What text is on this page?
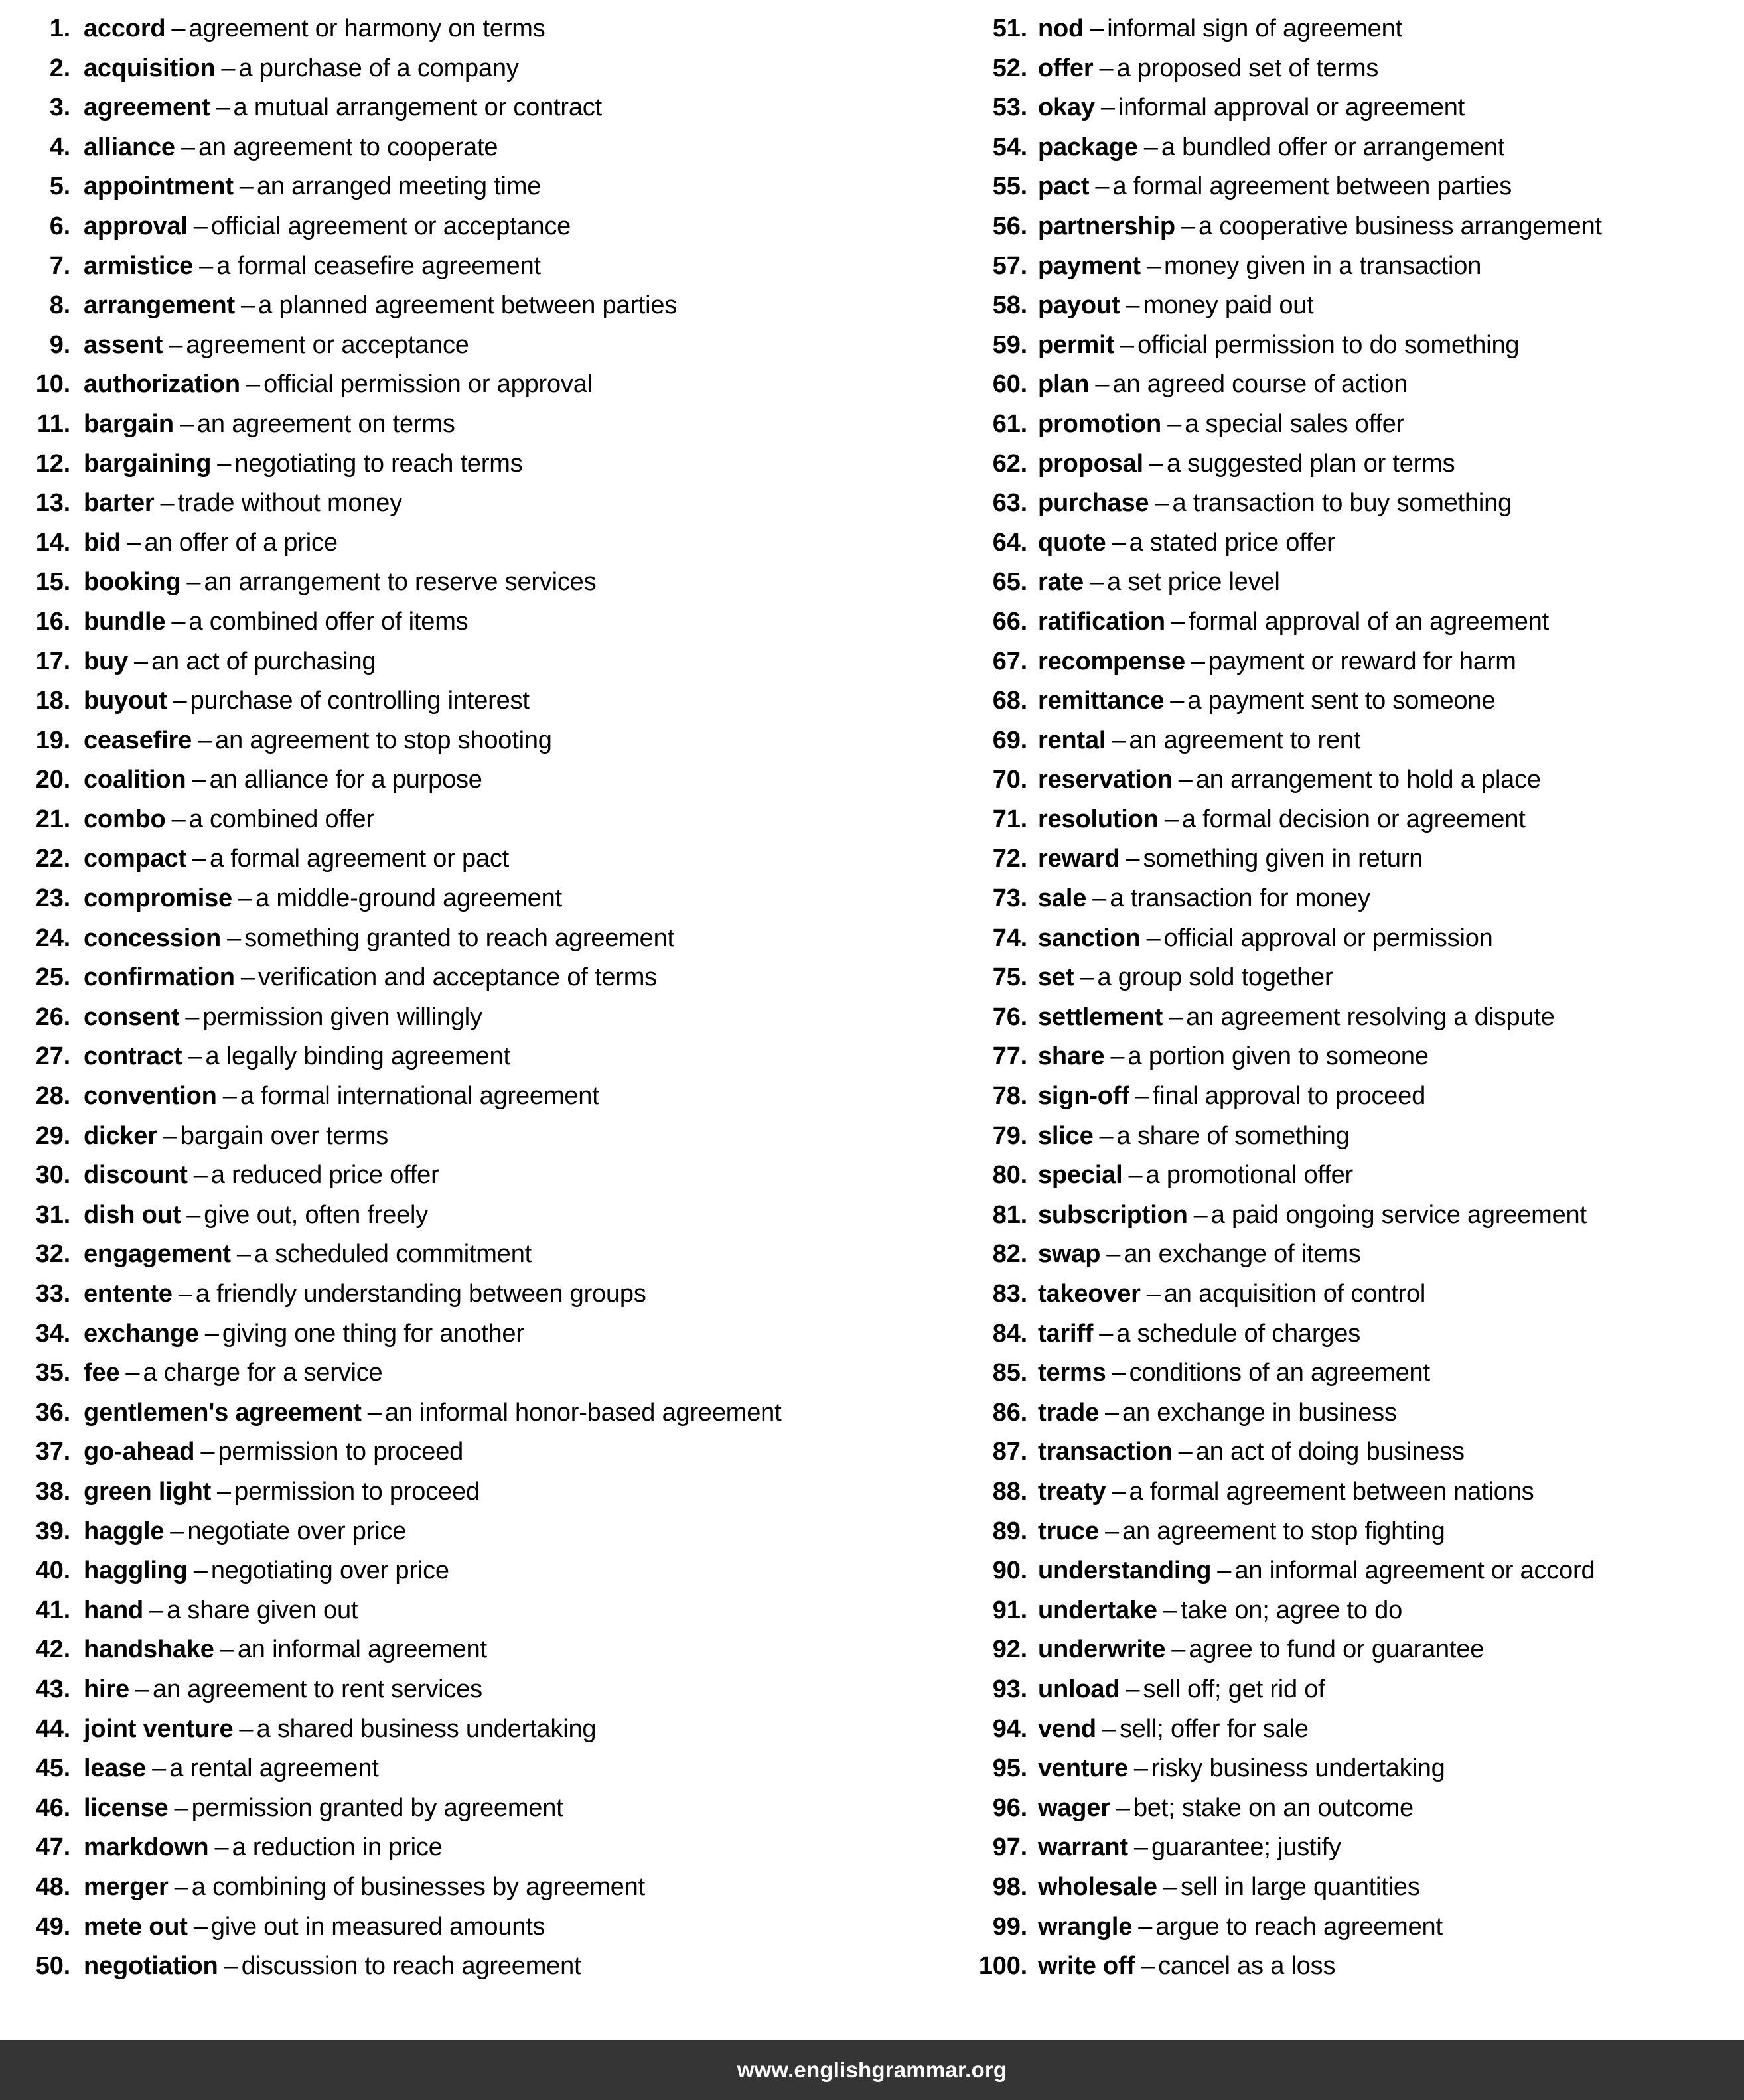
1. accord – agreement or harmony on terms
2. acquisition – a purchase of a company
3. agreement – a mutual arrangement or contract
4. alliance – an agreement to cooperate
5. appointment – an arranged meeting time
6. approval – official agreement or acceptance
7. armistice – a formal ceasefire agreement
8. arrangement – a planned agreement between parties
9. assent – agreement or acceptance
10. authorization – official permission or approval
11. bargain – an agreement on terms
12. bargaining – negotiating to reach terms
13. barter – trade without money
14. bid – an offer of a price
15. booking – an arrangement to reserve services
16. bundle – a combined offer of items
17. buy – an act of purchasing
18. buyout – purchase of controlling interest
19. ceasefire – an agreement to stop shooting
20. coalition – an alliance for a purpose
21. combo – a combined offer
22. compact – a formal agreement or pact
23. compromise – a middle-ground agreement
24. concession – something granted to reach agreement
25. confirmation – verification and acceptance of terms
26. consent – permission given willingly
27. contract – a legally binding agreement
28. convention – a formal international agreement
29. dicker – bargain over terms
30. discount – a reduced price offer
31. dish out – give out, often freely
32. engagement – a scheduled commitment
33. entente – a friendly understanding between groups
34. exchange – giving one thing for another
35. fee – a charge for a service
36. gentlemen's agreement – an informal honor-based agreement
37. go-ahead – permission to proceed
38. green light – permission to proceed
39. haggle – negotiate over price
40. haggling – negotiating over price
41. hand – a share given out
42. handshake – an informal agreement
43. hire – an agreement to rent services
44. joint venture – a shared business undertaking
45. lease – a rental agreement
46. license – permission granted by agreement
47. markdown – a reduction in price
48. merger – a combining of businesses by agreement
49. mete out – give out in measured amounts
50. negotiation – discussion to reach agreement
51. nod – informal sign of agreement
52. offer – a proposed set of terms
53. okay – informal approval or agreement
54. package – a bundled offer or arrangement
55. pact – a formal agreement between parties
56. partnership – a cooperative business arrangement
57. payment – money given in a transaction
58. payout – money paid out
59. permit – official permission to do something
60. plan – an agreed course of action
61. promotion – a special sales offer
62. proposal – a suggested plan or terms
63. purchase – a transaction to buy something
64. quote – a stated price offer
65. rate – a set price level
66. ratification – formal approval of an agreement
67. recompense – payment or reward for harm
68. remittance – a payment sent to someone
69. rental – an agreement to rent
70. reservation – an arrangement to hold a place
71. resolution – a formal decision or agreement
72. reward – something given in return
73. sale – a transaction for money
74. sanction – official approval or permission
75. set – a group sold together
76. settlement – an agreement resolving a dispute
77. share – a portion given to someone
78. sign-off – final approval to proceed
79. slice – a share of something
80. special – a promotional offer
81. subscription – a paid ongoing service agreement
82. swap – an exchange of items
83. takeover – an acquisition of control
84. tariff – a schedule of charges
85. terms – conditions of an agreement
86. trade – an exchange in business
87. transaction – an act of doing business
88. treaty – a formal agreement between nations
89. truce – an agreement to stop fighting
90. understanding – an informal agreement or accord
91. undertake – take on; agree to do
92. underwrite – agree to fund or guarantee
93. unload – sell off; get rid of
94. vend – sell; offer for sale
95. venture – risky business undertaking
96. wager – bet; stake on an outcome
97. warrant – guarantee; justify
98. wholesale – sell in large quantities
99. wrangle – argue to reach agreement
100. write off – cancel as a loss
www.englishgrammar.org
